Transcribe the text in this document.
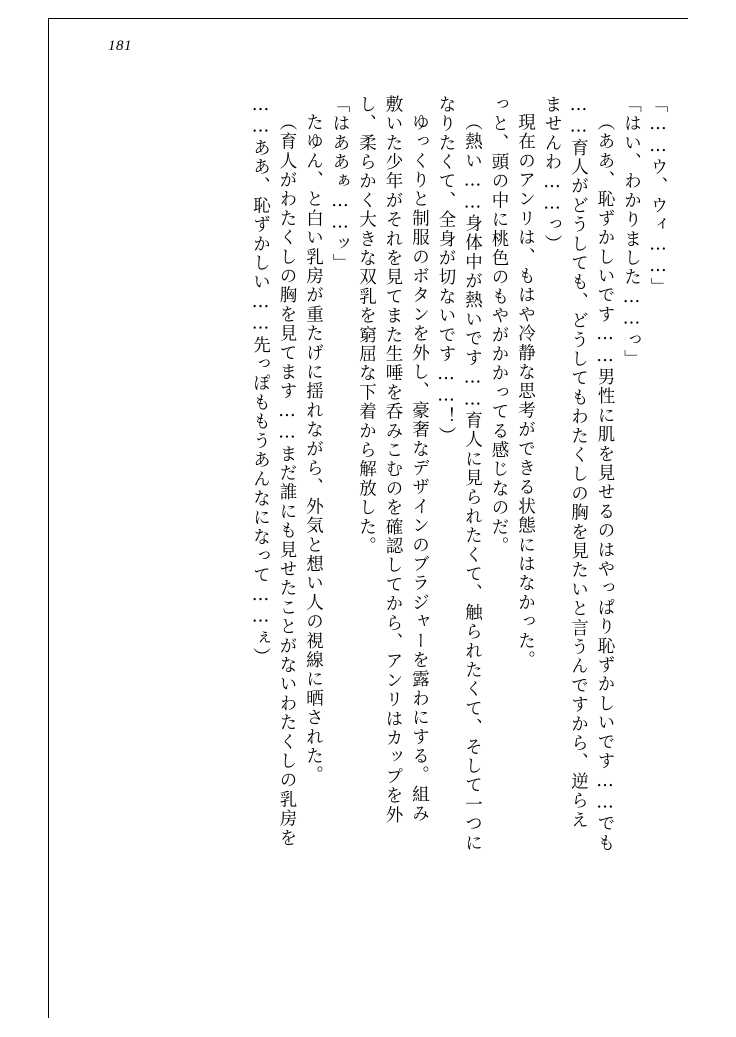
181
「……ウ、ウィ……」
「はい、わかりました……っ」
（ああ、恥ずかしいです……男性に肌を見せるのはやっぱり恥ずかしいです……でも
……育人がどうしても、どうしてもわたくしの胸を見たいと言うんですから、逆らえ
ませんわ……っ）
現在のアンリは、もはや冷静な思考ができる状態にはなかった。
っと、頭の中に桃色のもやがかかってる感じなのだ。
（熱い……身体中が熱いです……育人に見られたくて、触られたくて、そして一つに
なりたくて、全身が切ないです……！）
ゆっくりと制服のボタンを外し、豪奢なデザインのブラジャーを露わにする。組み
敷いた少年がそれを見てまた生唾を呑みこむのを確認してから、アンリはカップを外
し、柔らかく大きな双乳を窮屈な下着から解放した。
「はああぁ……ッ」
たゆん、と白い乳房が重たげに揺れながら、外気と想い人の視線に晒された。
（育人がわたくしの胸を見てます……まだ誰にも見せたことがないわたくしの乳房を
……ああ、恥ずかしい……先っぽももうあんなになって……ぇ）
